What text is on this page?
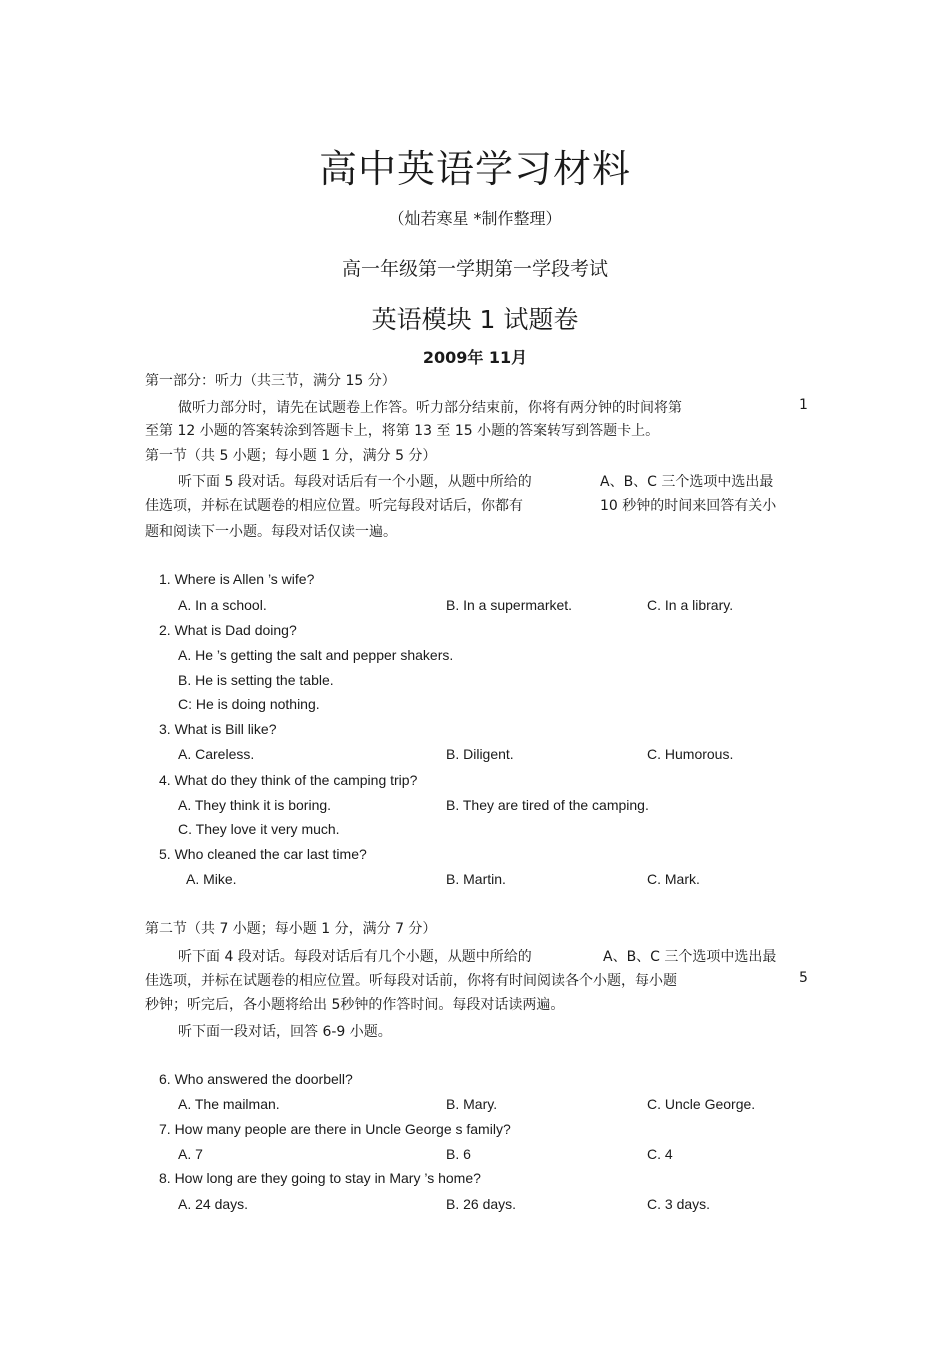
高中英语学习材料
（灿若寒星 *制作整理）
高一年级第一学期第一学段考试
英语模块 1 试题卷
2009年 11月
第一部分：听力（共三节，满分 15 分）
做听力部分时，请先在试题卷上作答。听力部分结束前，你将有两分钟的时间将第	1
至第 12 小题的答案转涂到答题卡上，将第 13 至 15 小题的答案转写到答题卡上。
第一节（共 5 小题；每小题 1 分，满分 5 分）
听下面 5 段对话。每段对话后有一个小题，从题中所给的	A、B、C 三个选项中选出最
佳选项，并标在试题卷的相应位置。听完每段对话后，你都有	10 秒钟的时间来回答有关小
题和阅读下一小题。每段对话仅读一遍。
1. Where is Allen ’s wife?
A. In a school.	B. In a supermarket.	C. In a library.
2. What is Dad doing?
A. He ’s getting the salt and pepper shakers.
B. He is setting the table.
C: He is doing nothing.
3. What is Bill like?
A. Careless.	B. Diligent.	C. Humorous.
4. What do they think of the camping trip?
A. They think it is boring.	B. They are tired of the camping.
C. They love it very much.
5. Who cleaned the car last time?
A. Mike.	B. Martin.	C. Mark.
第二节（共 7 小题；每小题 1 分，满分 7 分）
听下面 4 段对话。每段对话后有几个小题，从题中所给的	A、B、C 三个选项中选出最
佳选项，并标在试题卷的相应位置。听每段对话前，你将有时间阅读各个小题，每小题	5
秒钟；听完后，各小题将给出 5秒钟的作答时间。每段对话读两遍。
听下面一段对话，回答 6-9 小题。
6. Who answered the doorbell?
A. The mailman.	B. Mary.	C. Uncle George.
7. How many people are there in Uncle George s family?
A. 7	B. 6	C. 4
8. How long are they going to stay in Mary ’s home?
A. 24 days.	B. 26 days.	C. 3 days.
